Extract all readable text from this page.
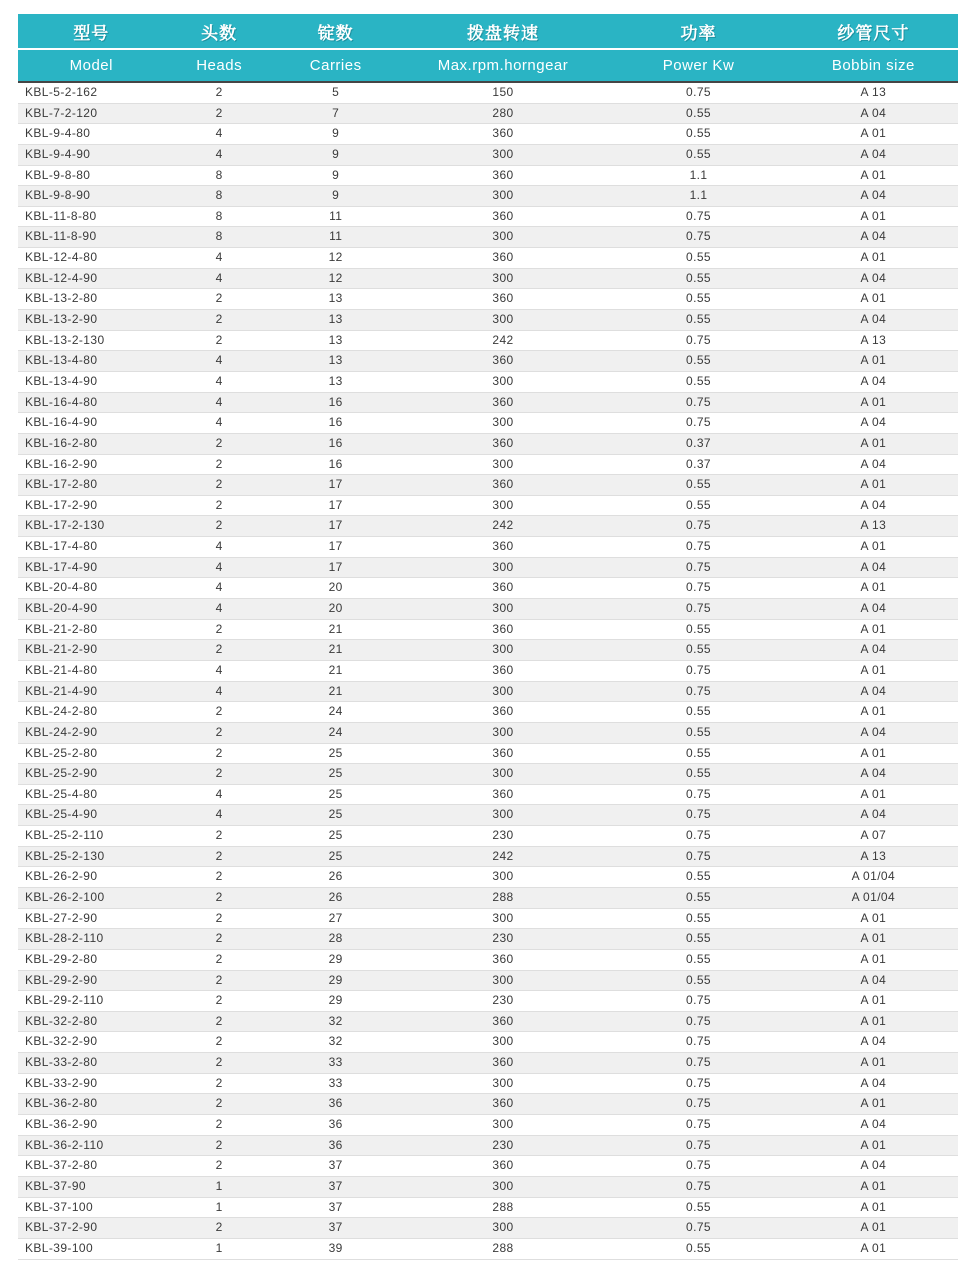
型号	头数	锭数	拨盘转速	功率	纱管尺寸
Model	Heads	Carries	Max.rpm.horngear	Power Kw	Bobbin size
KBL-5-2-162	2	5	150	0.75	A 13
KBL-7-2-120	2	7	280	0.55	A 04
KBL-9-4-80	4	9	360	0.55	A 01
KBL-9-4-90	4	9	300	0.55	A 04
KBL-9-8-80	8	9	360	1.1	A 01
KBL-9-8-90	8	9	300	1.1	A 04
KBL-11-8-80	8	11	360	0.75	A 01
KBL-11-8-90	8	11	300	0.75	A 04
KBL-12-4-80	4	12	360	0.55	A 01
KBL-12-4-90	4	12	300	0.55	A 04
KBL-13-2-80	2	13	360	0.55	A 01
KBL-13-2-90	2	13	300	0.55	A 04
KBL-13-2-130	2	13	242	0.75	A 13
KBL-13-4-80	4	13	360	0.55	A 01
KBL-13-4-90	4	13	300	0.55	A 04
KBL-16-4-80	4	16	360	0.75	A 01
KBL-16-4-90	4	16	300	0.75	A 04
KBL-16-2-80	2	16	360	0.37	A 01
KBL-16-2-90	2	16	300	0.37	A 04
KBL-17-2-80	2	17	360	0.55	A 01
KBL-17-2-90	2	17	300	0.55	A 04
KBL-17-2-130	2	17	242	0.75	A 13
KBL-17-4-80	4	17	360	0.75	A 01
KBL-17-4-90	4	17	300	0.75	A 04
KBL-20-4-80	4	20	360	0.75	A 01
KBL-20-4-90	4	20	300	0.75	A 04
KBL-21-2-80	2	21	360	0.55	A 01
KBL-21-2-90	2	21	300	0.55	A 04
KBL-21-4-80	4	21	360	0.75	A 01
KBL-21-4-90	4	21	300	0.75	A 04
KBL-24-2-80	2	24	360	0.55	A 01
KBL-24-2-90	2	24	300	0.55	A 04
KBL-25-2-80	2	25	360	0.55	A 01
KBL-25-2-90	2	25	300	0.55	A 04
KBL-25-4-80	4	25	360	0.75	A 01
KBL-25-4-90	4	25	300	0.75	A 04
KBL-25-2-110	2	25	230	0.75	A 07
KBL-25-2-130	2	25	242	0.75	A 13
KBL-26-2-90	2	26	300	0.55	A 01/04
KBL-26-2-100	2	26	288	0.55	A 01/04
KBL-27-2-90	2	27	300	0.55	A 01
KBL-28-2-110	2	28	230	0.55	A 01
KBL-29-2-80	2	29	360	0.55	A 01
KBL-29-2-90	2	29	300	0.55	A 04
KBL-29-2-110	2	29	230	0.75	A 01
KBL-32-2-80	2	32	360	0.75	A 01
KBL-32-2-90	2	32	300	0.75	A 04
KBL-33-2-80	2	33	360	0.75	A 01
KBL-33-2-90	2	33	300	0.75	A 04
KBL-36-2-80	2	36	360	0.75	A 01
KBL-36-2-90	2	36	300	0.75	A 04
KBL-36-2-110	2	36	230	0.75	A 01
KBL-37-2-80	2	37	360	0.75	A 04
KBL-37-90	1	37	300	0.75	A 01
KBL-37-100	1	37	288	0.55	A 01
KBL-37-2-90	2	37	300	0.75	A 01
KBL-39-100	1	39	288	0.55	A 01
